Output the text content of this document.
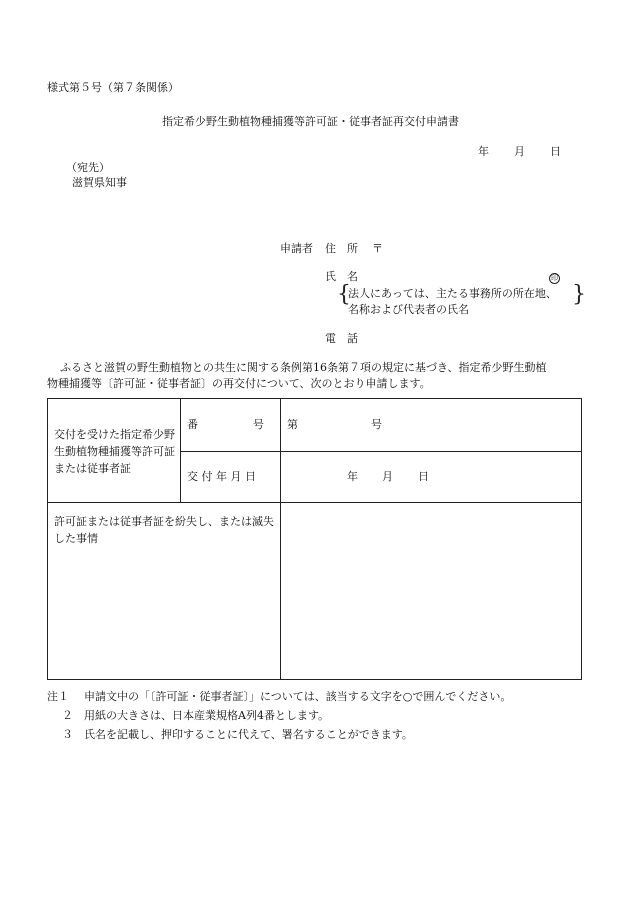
様式第５号（第７条関係）
指定希少野生動植物種捕獲等許可証・従事者証再交付申請書
年 月 日
（宛先）
滋賀県知事
申請者 住　所 〒
氏　名	印
{
法人にあっては、主たる事務所の所在地、
名称および代表者の氏名
}
電　話
ふるさと滋賀の野生動植物との共生に関する条例第16条第７項の規定に基づき、指定希少野生動植
物種捕獲等〔許可証・従事者証〕の再交付について、次のとおり申請します。
交付を受けた指定希少野生動植物種捕獲等許可証または従事者証
番　　　　　号 第	号
交 付 年 月 日	年 月 日
許可証または従事者証を紛失し、または滅失した事情
注１ 申請文中の「〔許可証・従事者証〕」については、該当する文字を○で囲んでください。
２ 用紙の大きさは、日本産業規格A列4番とします。
３ 氏名を記載し、押印することに代えて、署名することができます。
